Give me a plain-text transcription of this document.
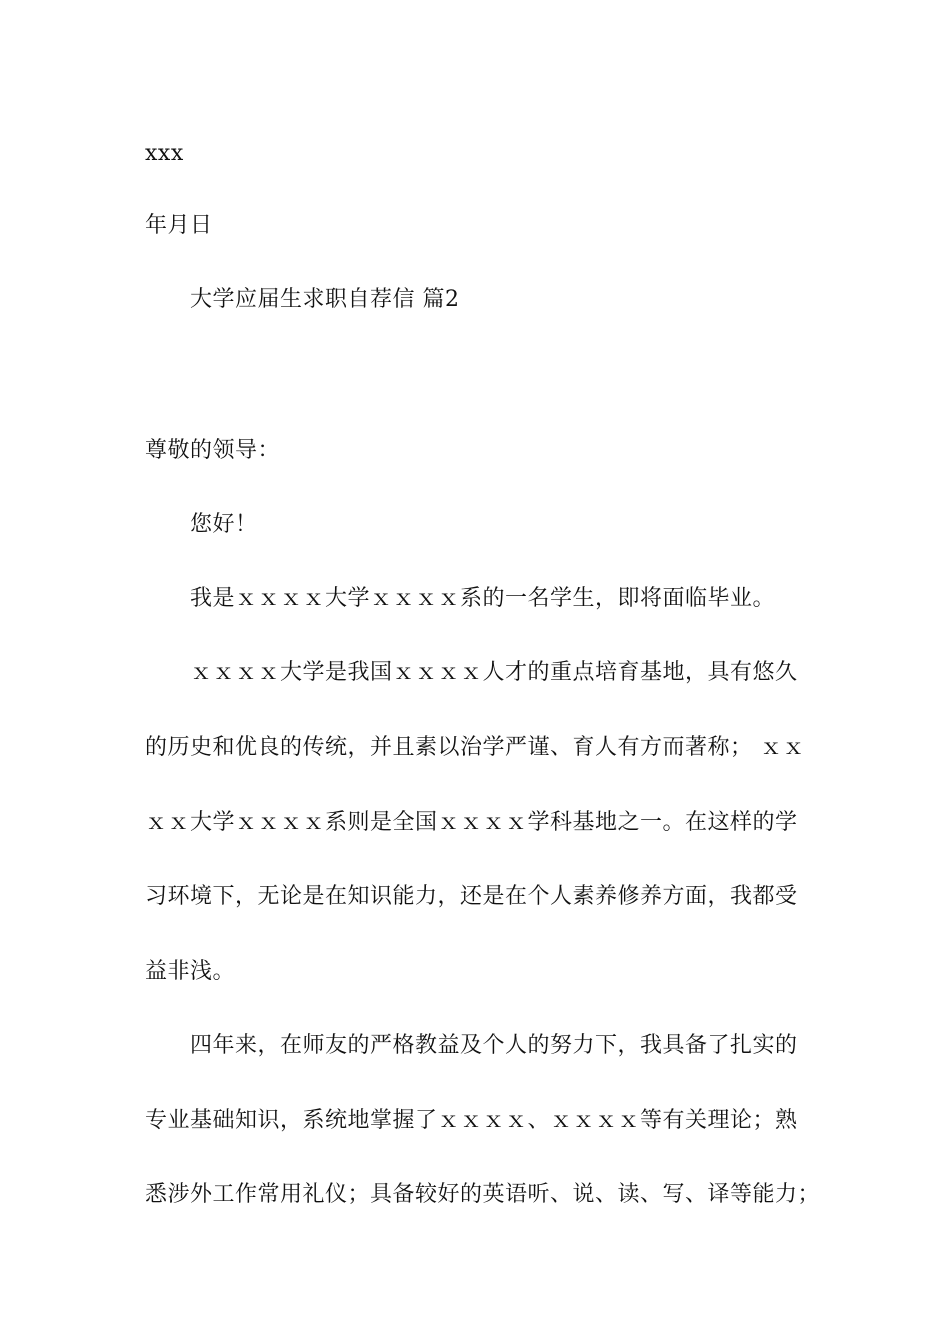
xxx
年月日
大学应届生求职自荐信 篇2
尊敬的领导：
您好！
我是ｘｘｘｘ大学ｘｘｘｘ系的一名学生，即将面临毕业。
ｘｘｘｘ大学是我国ｘｘｘｘ人才的重点培育基地，具有悠久
的历史和优良的传统，并且素以治学严谨、育人有方而著称； ｘｘ
ｘｘ大学ｘｘｘｘ系则是全国ｘｘｘｘ学科基地之一。在这样的学
习环境下，无论是在知识能力，还是在个人素养修养方面，我都受
益非浅。
四年来，在师友的严格教益及个人的努力下，我具备了扎实的
专业基础知识，系统地掌握了ｘｘｘｘ、ｘｘｘｘ等有关理论；熟
悉涉外工作常用礼仪；具备较好的英语听、说、读、写、译等能力；
